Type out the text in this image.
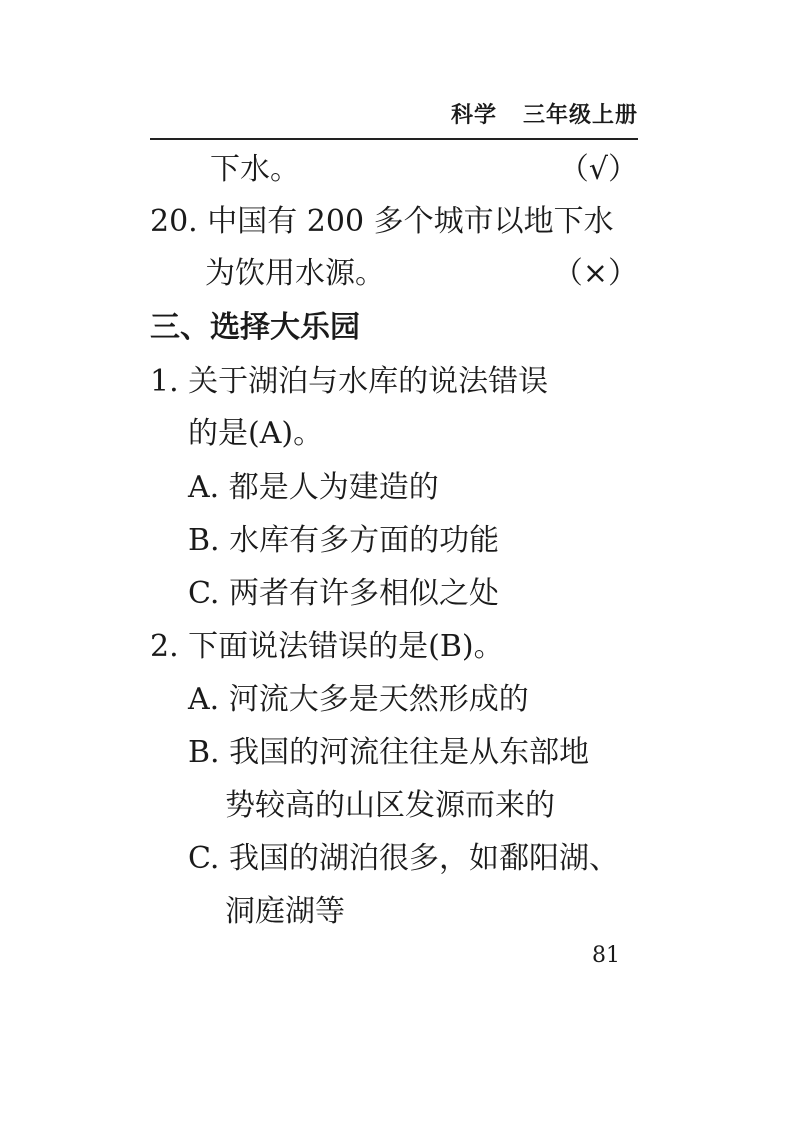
科学 三年级上册
下水。	（√）
20. 中国有 200 多个城市以地下水
为饮用水源。	（×）
三、选择大乐园
1. 关于湖泊与水库的说法错误
的是(A)。
A. 都是人为建造的
B. 水库有多方面的功能
C. 两者有许多相似之处
2. 下面说法错误的是(B)。
A. 河流大多是天然形成的
B. 我国的河流往往是从东部地
势较高的山区发源而来的
C. 我国的湖泊很多，如鄱阳湖、
洞庭湖等
81
